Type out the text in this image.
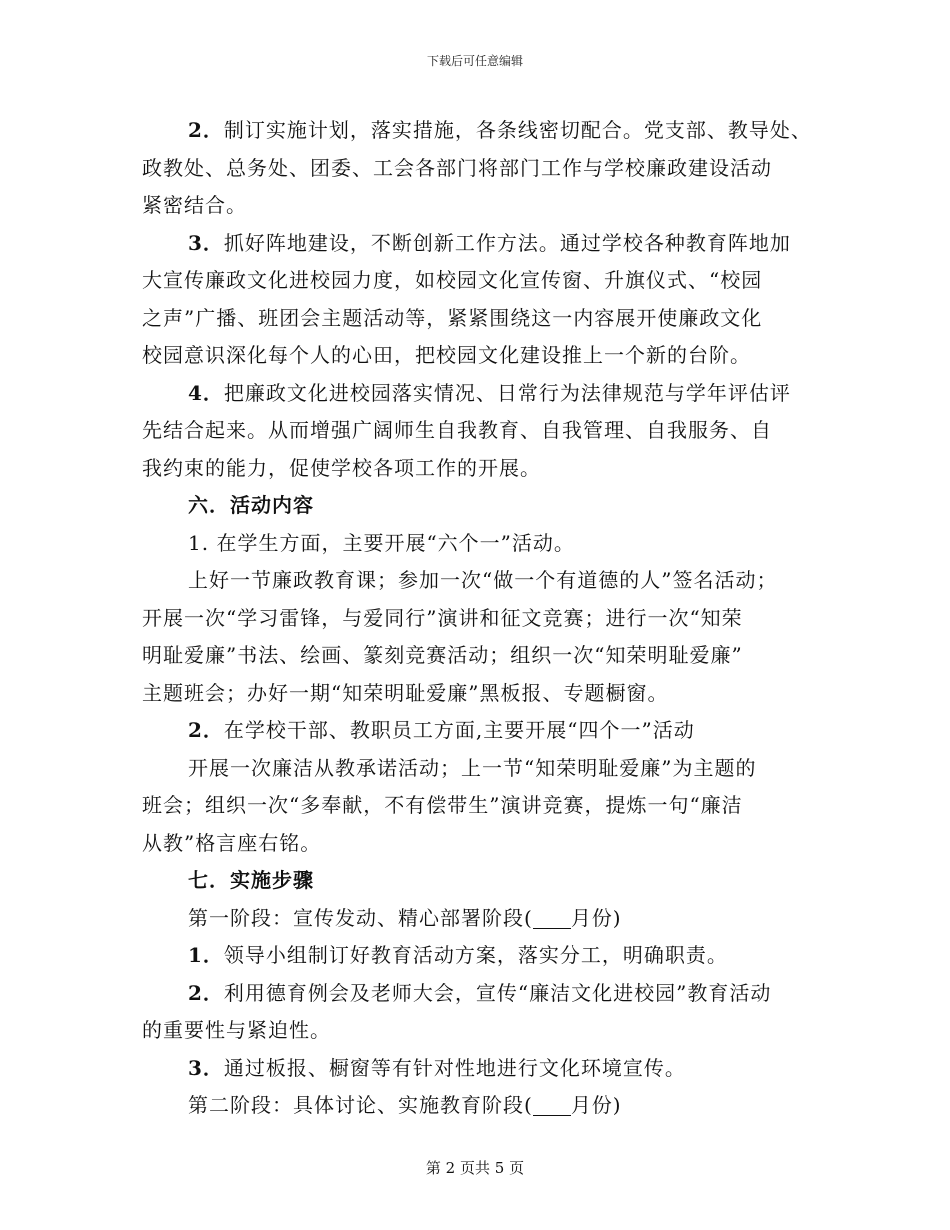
下载后可任意编辑
2．制订实施计划，落实措施，各条线密切配合。党支部、教导处、
政教处、总务处、团委、工会各部门将部门工作与学校廉政建设活动
紧密结合。
3．抓好阵地建设，不断创新工作方法。通过学校各种教育阵地加
大宣传廉政文化进校园力度，如校园文化宣传窗、升旗仪式、“校园
之声”广播、班团会主题活动等，紧紧围绕这一内容展开使廉政文化
校园意识深化每个人的心田，把校园文化建设推上一个新的台阶。
4．把廉政文化进校园落实情况、日常行为法律规范与学年评估评
先结合起来。从而增强广阔师生自我教育、自我管理、自我服务、自
我约束的能力，促使学校各项工作的开展。
六．活动内容
1. 在学生方面，主要开展“六个一”活动。
上好一节廉政教育课；参加一次“做一个有道德的人”签名活动；
开展一次“学习雷锋，与爱同行”演讲和征文竞赛；进行一次“知荣
明耻爱廉”书法、绘画、篆刻竞赛活动；组织一次“知荣明耻爱廉”
主题班会；办好一期“知荣明耻爱廉”黑板报、专题橱窗。
2．在学校干部、教职员工方面,主要开展“四个一”活动
开展一次廉洁从教承诺活动；上一节“知荣明耻爱廉”为主题的
班会；组织一次“多奉献，不有偿带生”演讲竞赛，提炼一句“廉洁
从教”格言座右铭。
七．实施步骤
第一阶段：宣传发动、精心部署阶段( 月份)
1．领导小组制订好教育活动方案，落实分工，明确职责。
2．利用德育例会及老师大会，宣传“廉洁文化进校园”教育活动
的重要性与紧迫性。
3．通过板报、橱窗等有针对性地进行文化环境宣传。
第二阶段：具体讨论、实施教育阶段( 月份)
第 2 页共 5 页
